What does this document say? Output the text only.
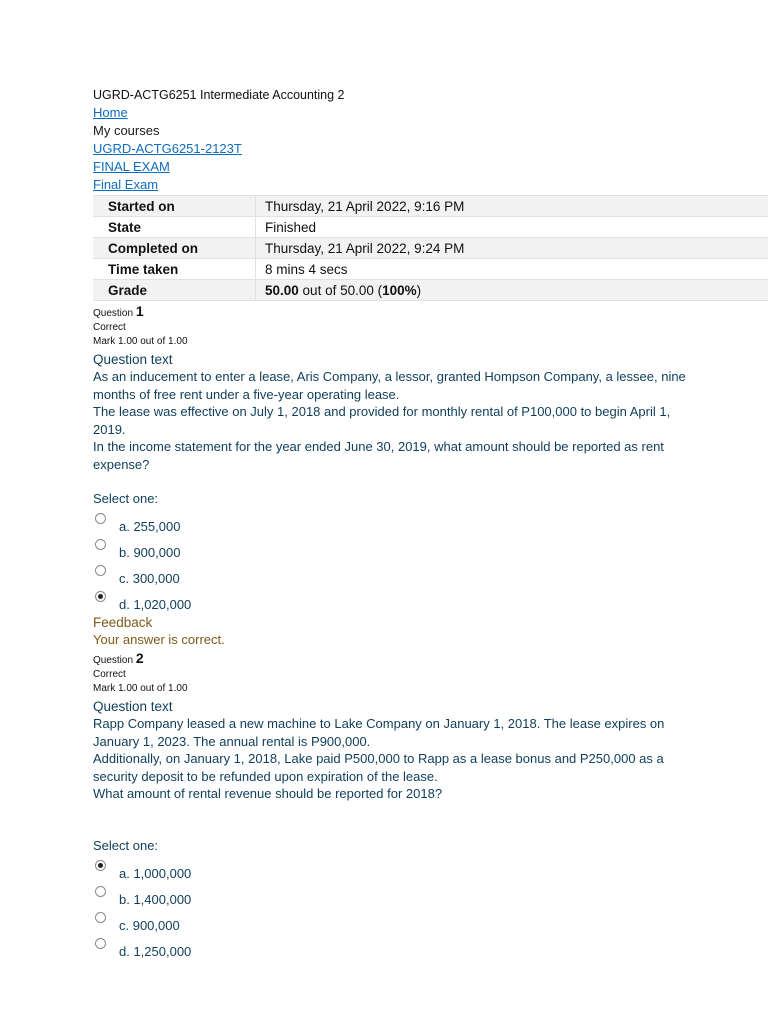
UGRD-ACTG6251 Intermediate Accounting 2
Home
My courses
UGRD-ACTG6251-2123T
FINAL EXAM
Final Exam
Started on	Thursday, 21 April 2022, 9:16 PM
State	Finished
Completed on	Thursday, 21 April 2022, 9:24 PM
Time taken	8 mins 4 secs
Grade	50.00 out of 50.00 (100%)
Question 1
Correct
Mark 1.00 out of 1.00
Question text

As an inducement to enter a lease, Aris Company, a lessor, granted Hompson Company, a lessee, nine months of free rent under a five-year operating lease.

The lease was effective on July 1, 2018 and provided for monthly rental of P100,000 to begin April 1, 2019.

In the income statement for the year ended June 30, 2019, what amount should be reported as rent expense?

Select one:
a. 255,000
b. 900,000
c. 300,000
d. 1,020,000
Feedback
Your answer is correct.
Question 2
Correct
Mark 1.00 out of 1.00
Question text

Rapp Company leased a new machine to Lake Company on January 1, 2018. The lease expires on January 1, 2023. The annual rental is P900,000.

Additionally, on January 1, 2018, Lake paid P500,000 to Rapp as a lease bonus and P250,000 as a security deposit to be refunded upon expiration of the lease.

What amount of rental revenue should be reported for 2018?

Select one:
a. 1,000,000
b. 1,400,000
c. 900,000
d. 1,250,000
